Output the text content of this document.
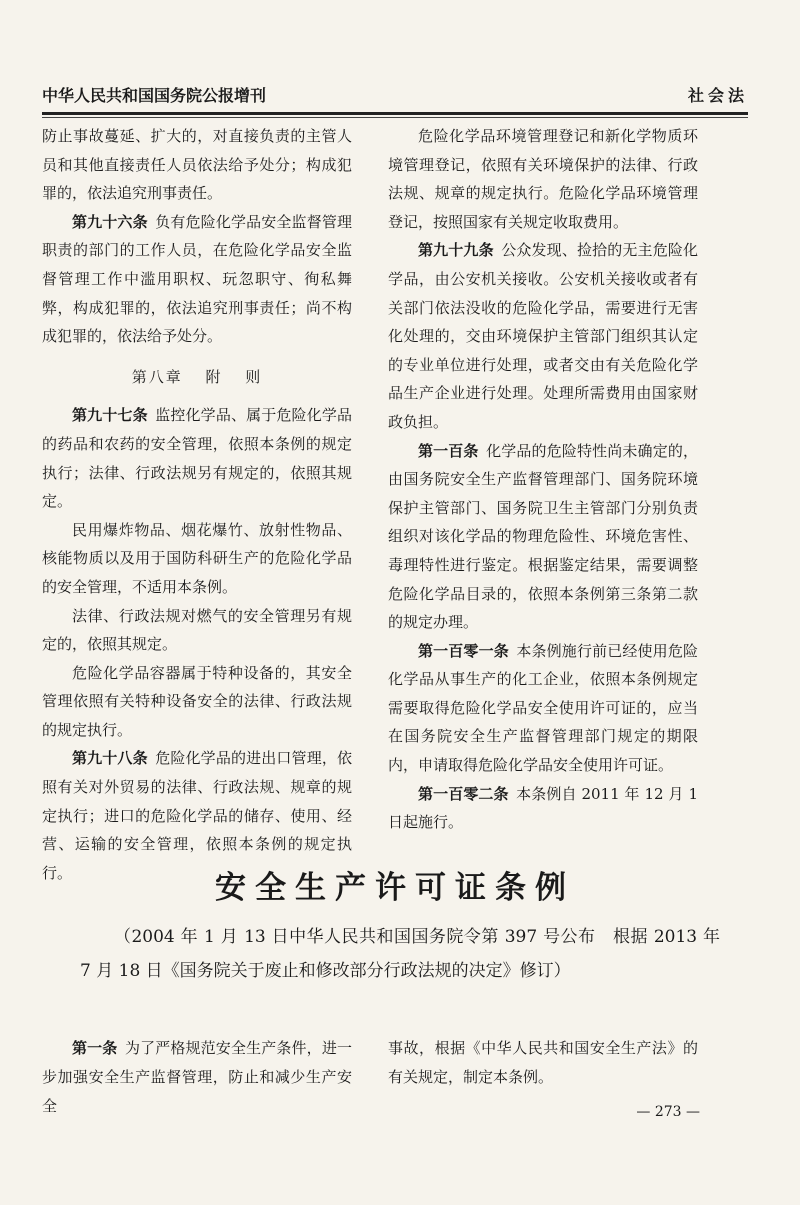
中华人民共和国国务院公报增刊	社会法

防止事故蔓延、扩大的，对直接负责的主管人员和其他直接责任人员依法给予处分；构成犯罪的，依法追究刑事责任。

第九十六条 负有危险化学品安全监督管理职责的部门的工作人员，在危险化学品安全监督管理工作中滥用职权、玩忽职守、徇私舞弊，构成犯罪的，依法追究刑事责任；尚不构成犯罪的，依法给予处分。

第八章 附 则

第九十七条 监控化学品、属于危险化学品的药品和农药的安全管理，依照本条例的规定执行；法律、行政法规另有规定的，依照其规定。

民用爆炸物品、烟花爆竹、放射性物品、核能物质以及用于国防科研生产的危险化学品的安全管理，不适用本条例。

法律、行政法规对燃气的安全管理另有规定的，依照其规定。

危险化学品容器属于特种设备的，其安全管理依照有关特种设备安全的法律、行政法规的规定执行。

第九十八条 危险化学品的进出口管理，依照有关对外贸易的法律、行政法规、规章的规定执行；进口的危险化学品的储存、使用、经营、运输的安全管理，依照本条例的规定执行。

危险化学品环境管理登记和新化学物质环境管理登记，依照有关环境保护的法律、行政法规、规章的规定执行。危险化学品环境管理登记，按照国家有关规定收取费用。

第九十九条 公众发现、捡拾的无主危险化学品，由公安机关接收。公安机关接收或者有关部门依法没收的危险化学品，需要进行无害化处理的，交由环境保护主管部门组织其认定的专业单位进行处理，或者交由有关危险化学品生产企业进行处理。处理所需费用由国家财政负担。

第一百条 化学品的危险特性尚未确定的，由国务院安全生产监督管理部门、国务院环境保护主管部门、国务院卫生主管部门分别负责组织对该化学品的物理危险性、环境危害性、毒理特性进行鉴定。根据鉴定结果，需要调整危险化学品目录的，依照本条例第三条第二款的规定办理。

第一百零一条 本条例施行前已经使用危险化学品从事生产的化工企业，依照本条例规定需要取得危险化学品安全使用许可证的，应当在国务院安全生产监督管理部门规定的期限内，申请取得危险化学品安全使用许可证。

第一百零二条 本条例自 2011 年 12 月 1 日起施行。

安全生产许可证条例
（2004 年 1 月 13 日中华人民共和国国务院令第 397 号公布　根据 2013 年 7 月 18 日《国务院关于废止和修改部分行政法规的决定》修订）

第一条 为了严格规范安全生产条件，进一步加强安全生产监督管理，防止和减少生产安全

事故，根据《中华人民共和国安全生产法》的有关规定，制定本条例。

— 273 —
